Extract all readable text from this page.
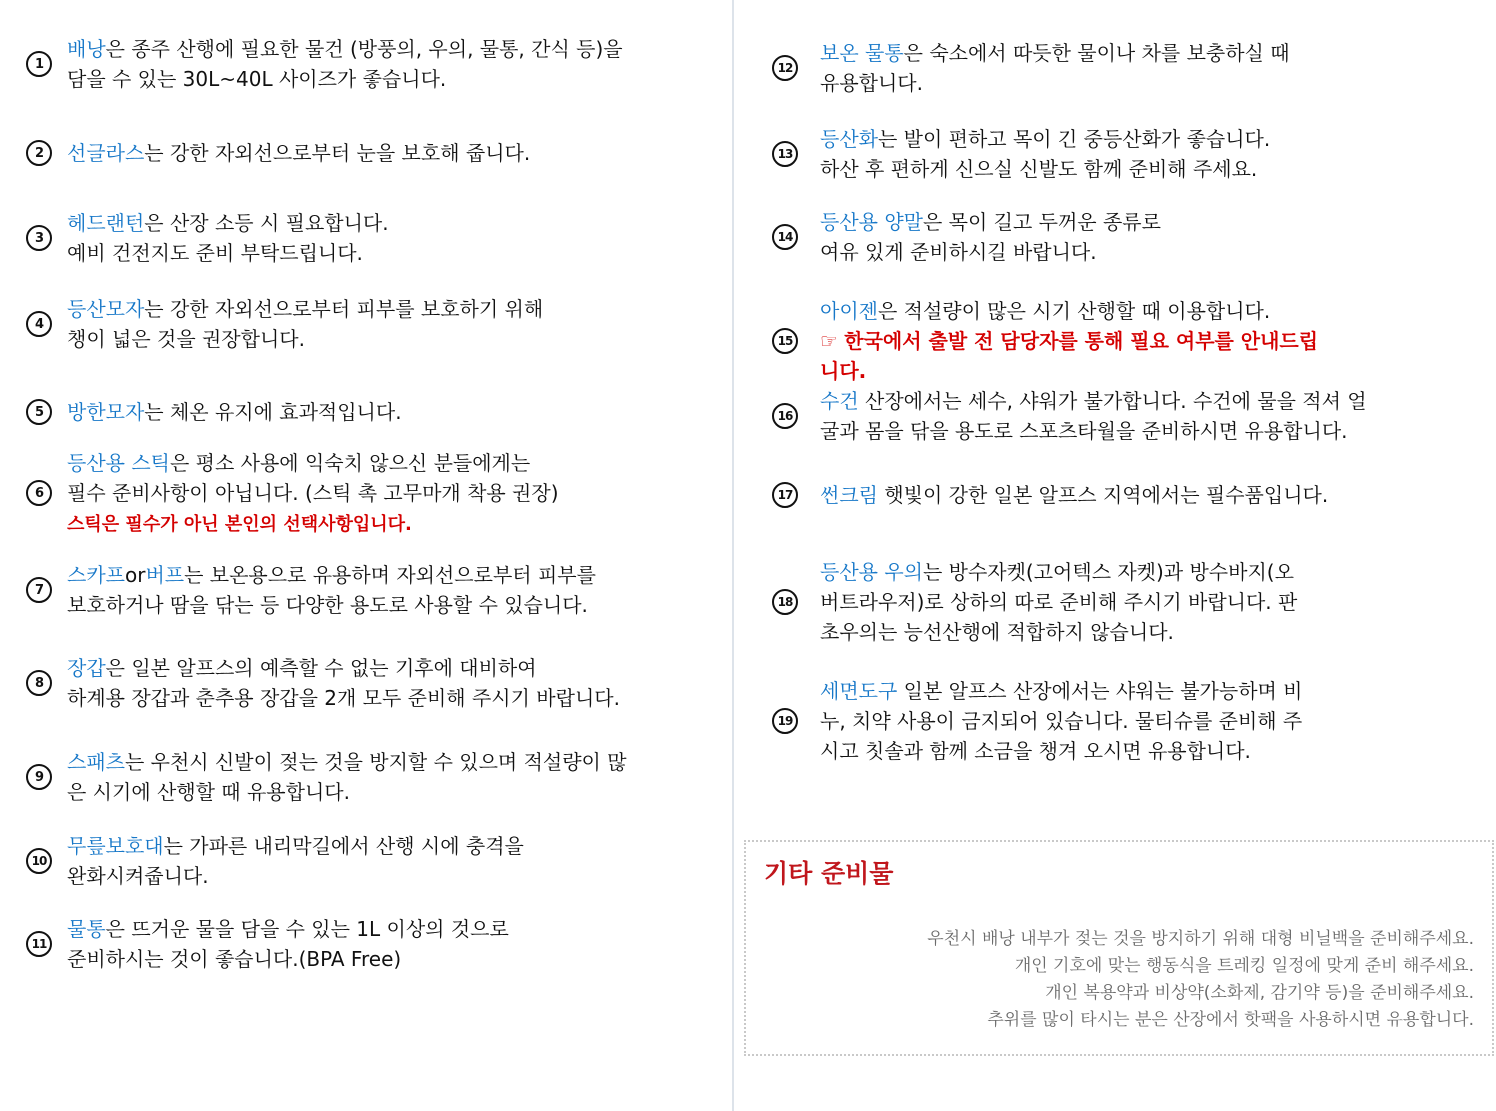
1
배낭은 종주 산행에 필요한 물건 (방풍의, 우의, 물통, 간식 등)을
담을 수 있는 30L~40L 사이즈가 좋습니다.
2	선글라스는 강한 자외선으로부터 눈을 보호해 줍니다.
3
헤드랜턴은 산장 소등 시 필요합니다.
예비 건전지도 준비 부탁드립니다.
4
등산모자는 강한 자외선으로부터 피부를 보호하기 위해
챙이 넓은 것을 권장합니다.
5	방한모자는 체온 유지에 효과적입니다.
6
등산용 스틱은 평소 사용에 익숙치 않으신 분들에게는
필수 준비사항이 아닙니다. (스틱 촉 고무마개 착용 권장)
스틱은 필수가 아닌 본인의 선택사항입니다.
7
스카프or버프는 보온용으로 유용하며 자외선으로부터 피부를
보호하거나 땀을 닦는 등 다양한 용도로 사용할 수 있습니다.
8
장갑은 일본 알프스의 예측할 수 없는 기후에 대비하여
하계용 장갑과 춘추용 장갑을 2개 모두 준비해 주시기 바랍니다.
9
스패츠는 우천시 신발이 젖는 것을 방지할 수 있으며 적설량이 많
은 시기에 산행할 때 유용합니다.
10
무릎보호대는 가파른 내리막길에서 산행 시에 충격을
완화시켜줍니다.
11
물통은 뜨거운 물을 담을 수 있는 1L 이상의 것으로
준비하시는 것이 좋습니다.(BPA Free)
12
보온 물통은 숙소에서 따듯한 물이나 차를 보충하실 때
유용합니다.
13
등산화는 발이 편하고 목이 긴 중등산화가 좋습니다.
하산 후 편하게 신으실 신발도 함께 준비해 주세요.
14
등산용 양말은 목이 길고 두꺼운 종류로
여유 있게 준비하시길 바랍니다.
15
아이젠은 적설량이 많은 시기 산행할 때 이용합니다.
☞ 한국에서 출발 전 담당자를 통해 필요 여부를 안내드립
니다.
16
수건 산장에서는 세수, 샤워가 불가합니다. 수건에 물을 적셔 얼
굴과 몸을 닦을 용도로 스포츠타월을 준비하시면 유용합니다.
17 썬크림 햇빛이 강한 일본 알프스 지역에서는 필수품입니다.
18
등산용 우의는 방수자켓(고어텍스 자켓)과 방수바지(오
버트라우저)로 상하의 따로 준비해 주시기 바랍니다. 판
초우의는 능선산행에 적합하지 않습니다.
19
세면도구 일본 알프스 산장에서는 샤워는 불가능하며 비
누, 치약 사용이 금지되어 있습니다. 물티슈를 준비해 주
시고 칫솔과 함께 소금을 챙겨 오시면 유용합니다.
기타 준비물
우천시 배낭 내부가 젖는 것을 방지하기 위해 대형 비닐백을 준비해주세요.
개인 기호에 맞는 행동식을 트레킹 일정에 맞게 준비 해주세요.
개인 복용약과 비상약(소화제, 감기약 등)을 준비해주세요.
추위를 많이 타시는 분은 산장에서 핫팩을 사용하시면 유용합니다.
